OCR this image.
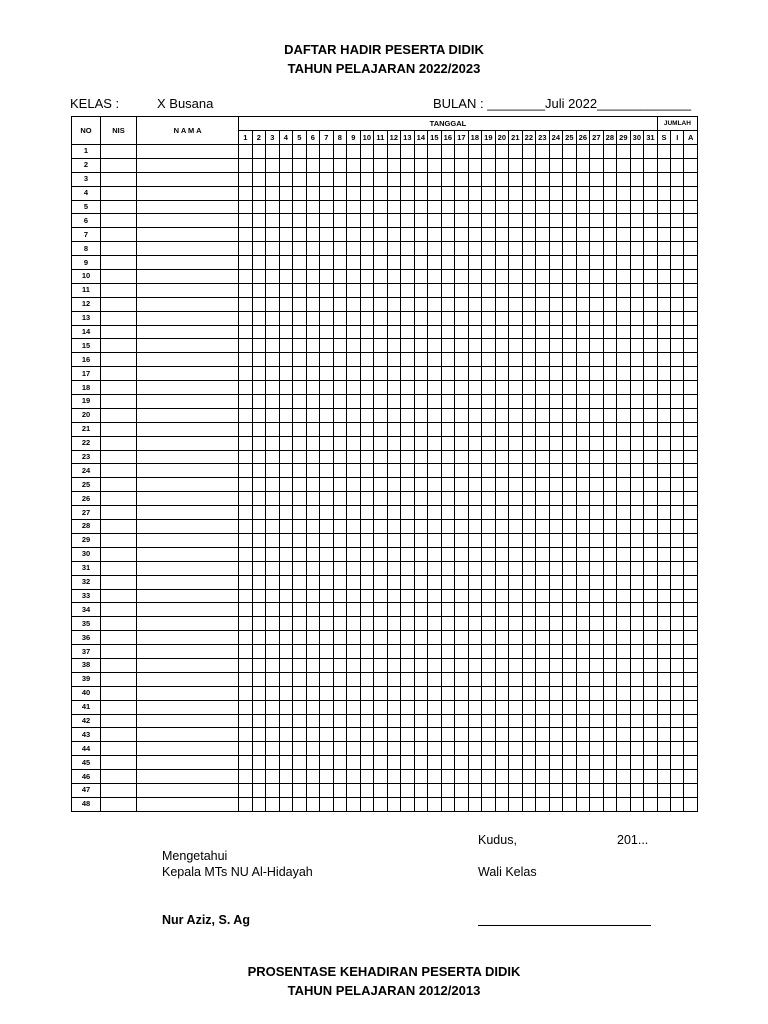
DAFTAR HADIR PESERTA DIDIK
TAHUN PELAJARAN 2022/2023
KELAS :	X Busana	BULAN : ________Juli 2022_____________
NO	NIS	N A M A	TANGGAL																															JUMLAH		
			1	2	3	4	5	6	7	8	9	10	11	12	13	14	15	16	17	18	19	20	21	22	23	24	25	26	27	28	29	30	31	S	I	A
1																																				
2																																				
3																																				
4																																				
5																																				
6																																				
7																																				
8																																				
9																																				
10																																				
11																																				
12																																				
13																																				
14																																				
15																																				
16																																				
17																																				
18																																				
19																																				
20																																				
21																																				
22																																				
23																																				
24																																				
25																																				
26																																				
27																																				
28																																				
29																																				
30																																				
31																																				
32																																				
33																																				
34																																				
35																																				
36																																				
37																																				
38																																				
39																																				
40																																				
41																																				
42																																				
43																																				
44																																				
45																																				
46																																				
47																																				
48																																				
Kudus,	201...
Mengetahui
Kepala MTs NU Al-Hidayah	Wali Kelas
Nur Aziz, S. Ag
PROSENTASE KEHADIRAN PESERTA DIDIK
TAHUN PELAJARAN 2012/2013
